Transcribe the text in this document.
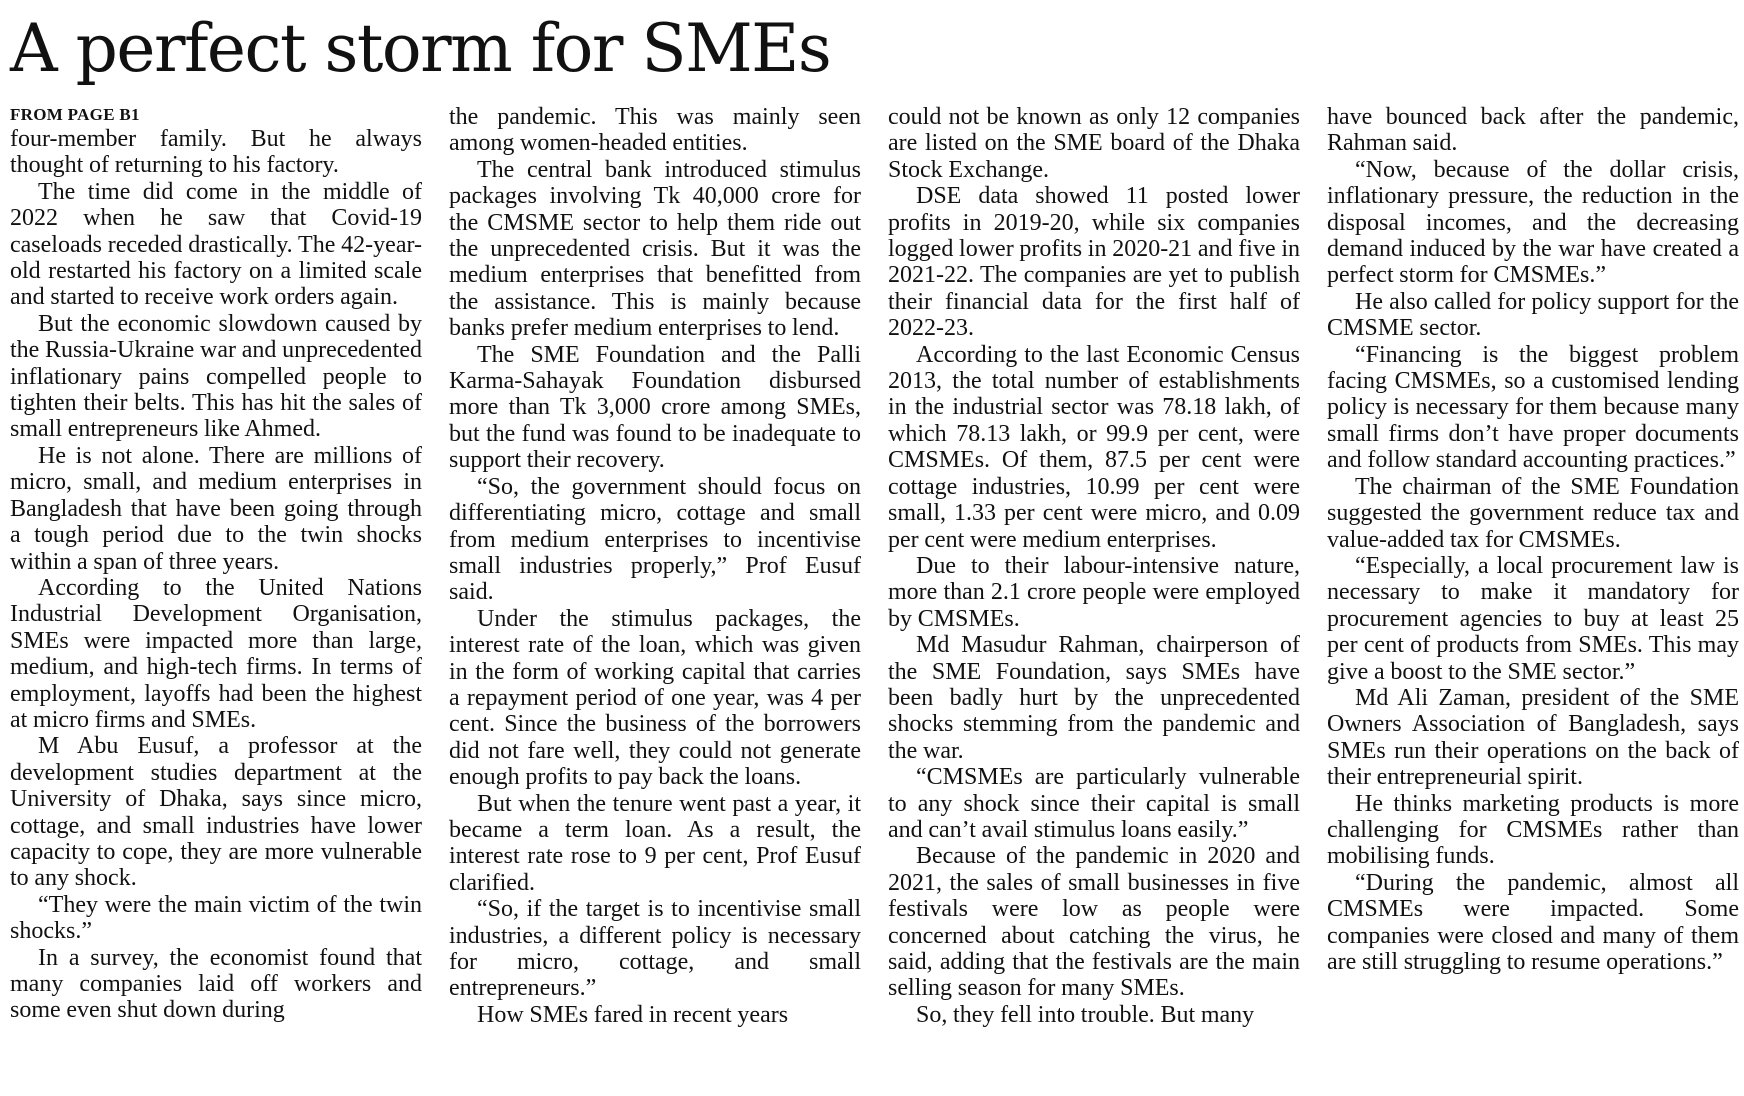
A perfect storm for SMEs
FROM PAGE B1

four-member family. But he always thought of returning to his factory.

The time did come in the middle of 2022 when he saw that Covid-19 caseloads receded drastically. The 42-year-old restarted his factory on a limited scale and started to receive work orders again.

But the economic slowdown caused by the Russia-Ukraine war and unprecedented inflationary pains compelled people to tighten their belts. This has hit the sales of small entrepreneurs like Ahmed.

He is not alone. There are millions of micro, small, and medium enterprises in Bangladesh that have been going through a tough period due to the twin shocks within a span of three years.

According to the United Nations Industrial Development Organisation, SMEs were impacted more than large, medium, and high-tech firms. In terms of employment, layoffs had been the highest at micro firms and SMEs.

M Abu Eusuf, a professor at the development studies department at the University of Dhaka, says since micro, cottage, and small industries have lower capacity to cope, they are more vulnerable to any shock.

“They were the main victim of the twin shocks.”

In a survey, the economist found that many companies laid off workers and some even shut down during

the pandemic. This was mainly seen among women-headed entities.

The central bank introduced stimulus packages involving Tk 40,000 crore for the CMSME sector to help them ride out the unprecedented crisis. But it was the medium enterprises that benefitted from the assistance. This is mainly because banks prefer medium enterprises to lend.

The SME Foundation and the Palli Karma-Sahayak Foundation disbursed more than Tk 3,000 crore among SMEs, but the fund was found to be inadequate to support their recovery.

“So, the government should focus on differentiating micro, cottage and small from medium enterprises to incentivise small industries properly,” Prof Eusuf said.

Under the stimulus packages, the interest rate of the loan, which was given in the form of working capital that carries a repayment period of one year, was 4 per cent. Since the business of the borrowers did not fare well, they could not generate enough profits to pay back the loans.

But when the tenure went past a year, it became a term loan. As a result, the interest rate rose to 9 per cent, Prof Eusuf clarified.

“So, if the target is to incentivise small industries, a different policy is necessary for micro, cottage, and small entrepreneurs.”

How SMEs fared in recent years

could not be known as only 12 companies are listed on the SME board of the Dhaka Stock Exchange.

DSE data showed 11 posted lower profits in 2019-20, while six companies logged lower profits in 2020-21 and five in 2021-22. The companies are yet to publish their financial data for the first half of 2022-23.

According to the last Economic Census 2013, the total number of establishments in the industrial sector was 78.18 lakh, of which 78.13 lakh, or 99.9 per cent, were CMSMEs. Of them, 87.5 per cent were cottage industries, 10.99 per cent were small, 1.33 per cent were micro, and 0.09 per cent were medium enterprises.

Due to their labour-intensive nature, more than 2.1 crore people were employed by CMSMEs.

Md Masudur Rahman, chairperson of the SME Foundation, says SMEs have been badly hurt by the unprecedented shocks stemming from the pandemic and the war.

“CMSMEs are particularly vulnerable to any shock since their capital is small and can’t avail stimulus loans easily.”

Because of the pandemic in 2020 and 2021, the sales of small businesses in five festivals were low as people were concerned about catching the virus, he said, adding that the festivals are the main selling season for many SMEs.

So, they fell into trouble. But many

have bounced back after the pandemic, Rahman said.

“Now, because of the dollar crisis, inflationary pressure, the reduction in the disposal incomes, and the decreasing demand induced by the war have created a perfect storm for CMSMEs.”

He also called for policy support for the CMSME sector.

“Financing is the biggest problem facing CMSMEs, so a customised lending policy is necessary for them because many small firms don’t have proper documents and follow standard accounting practices.”

The chairman of the SME Foundation suggested the government reduce tax and value-added tax for CMSMEs.

“Especially, a local procurement law is necessary to make it mandatory for procurement agencies to buy at least 25 per cent of products from SMEs. This may give a boost to the SME sector.”

Md Ali Zaman, president of the SME Owners Association of Bangladesh, says SMEs run their operations on the back of their entrepreneurial spirit.

He thinks marketing products is more challenging for CMSMEs rather than mobilising funds.

“During the pandemic, almost all CMSMEs were impacted. Some companies were closed and many of them are still struggling to resume operations.”
